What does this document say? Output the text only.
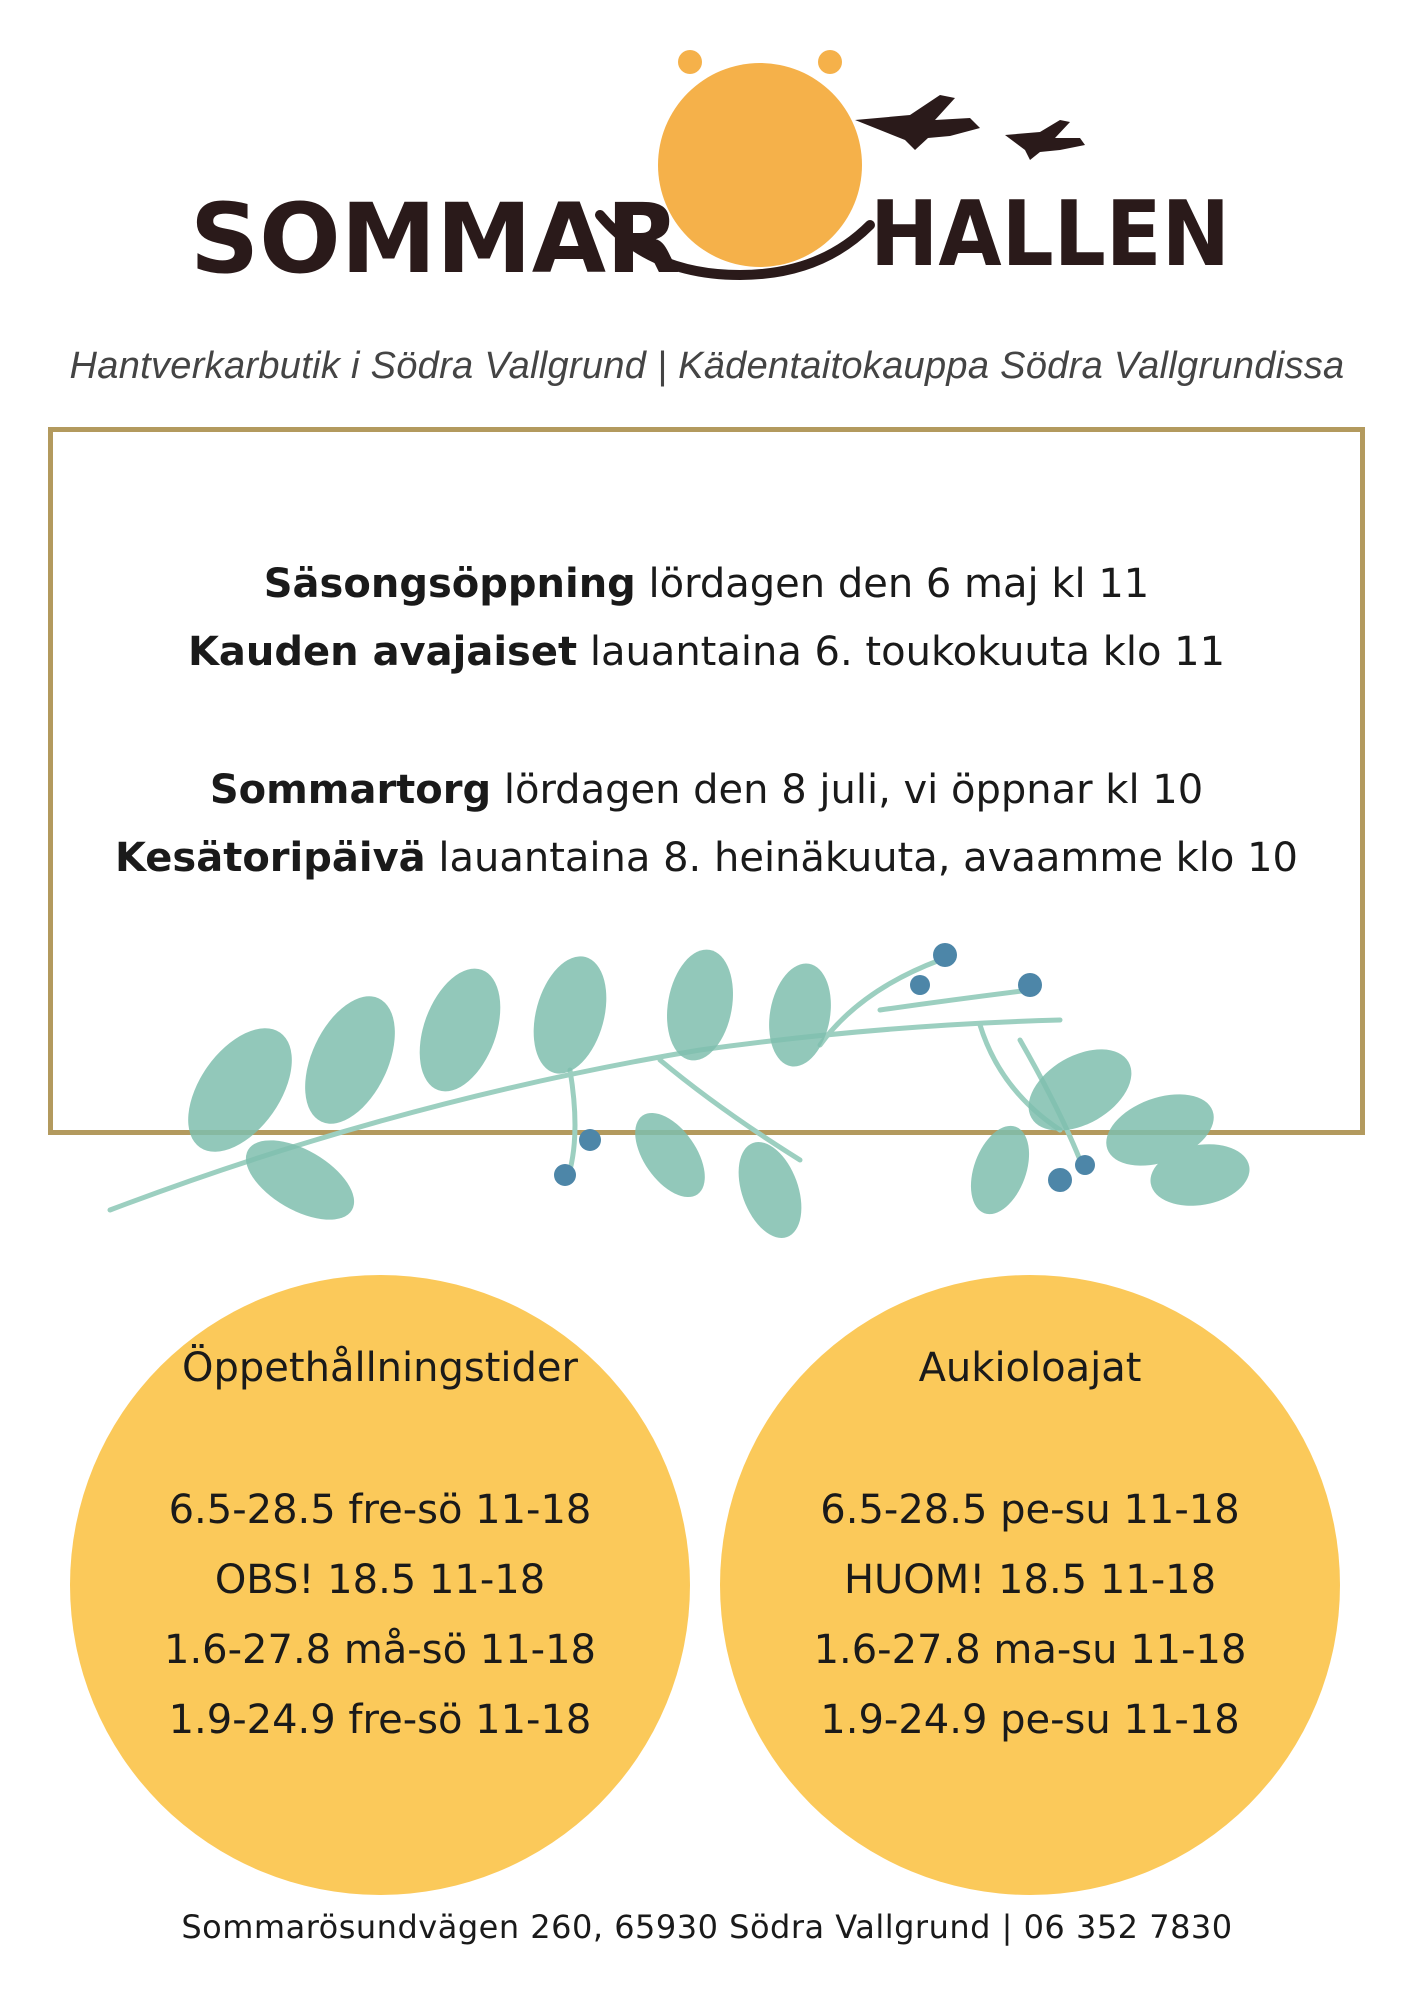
SOMMAR HALLEN
Hantverkarbutik i Södra Vallgrund | Kädentaitokauppa Södra Vallgrundissa
Säsongsöppning lördagen den 6 maj kl 11
Kauden avajaiset lauantaina 6. toukokuuta klo 11
Sommartorg lördagen den 8 juli, vi öppnar kl 10
Kesätoripäivä lauantaina 8. heinäkuuta, avaamme klo 10
Öppethållningstider
6.5-28.5 fre-sö 11-18
OBS! 18.5 11-18
1.6-27.8 må-sö 11-18
1.9-24.9 fre-sö 11-18
Aukioloajat
6.5-28.5 pe-su 11-18
HUOM! 18.5 11-18
1.6-27.8 ma-su 11-18
1.9-24.9 pe-su 11-18
Sommarösundvägen 260, 65930 Södra Vallgrund | 06 352 7830
